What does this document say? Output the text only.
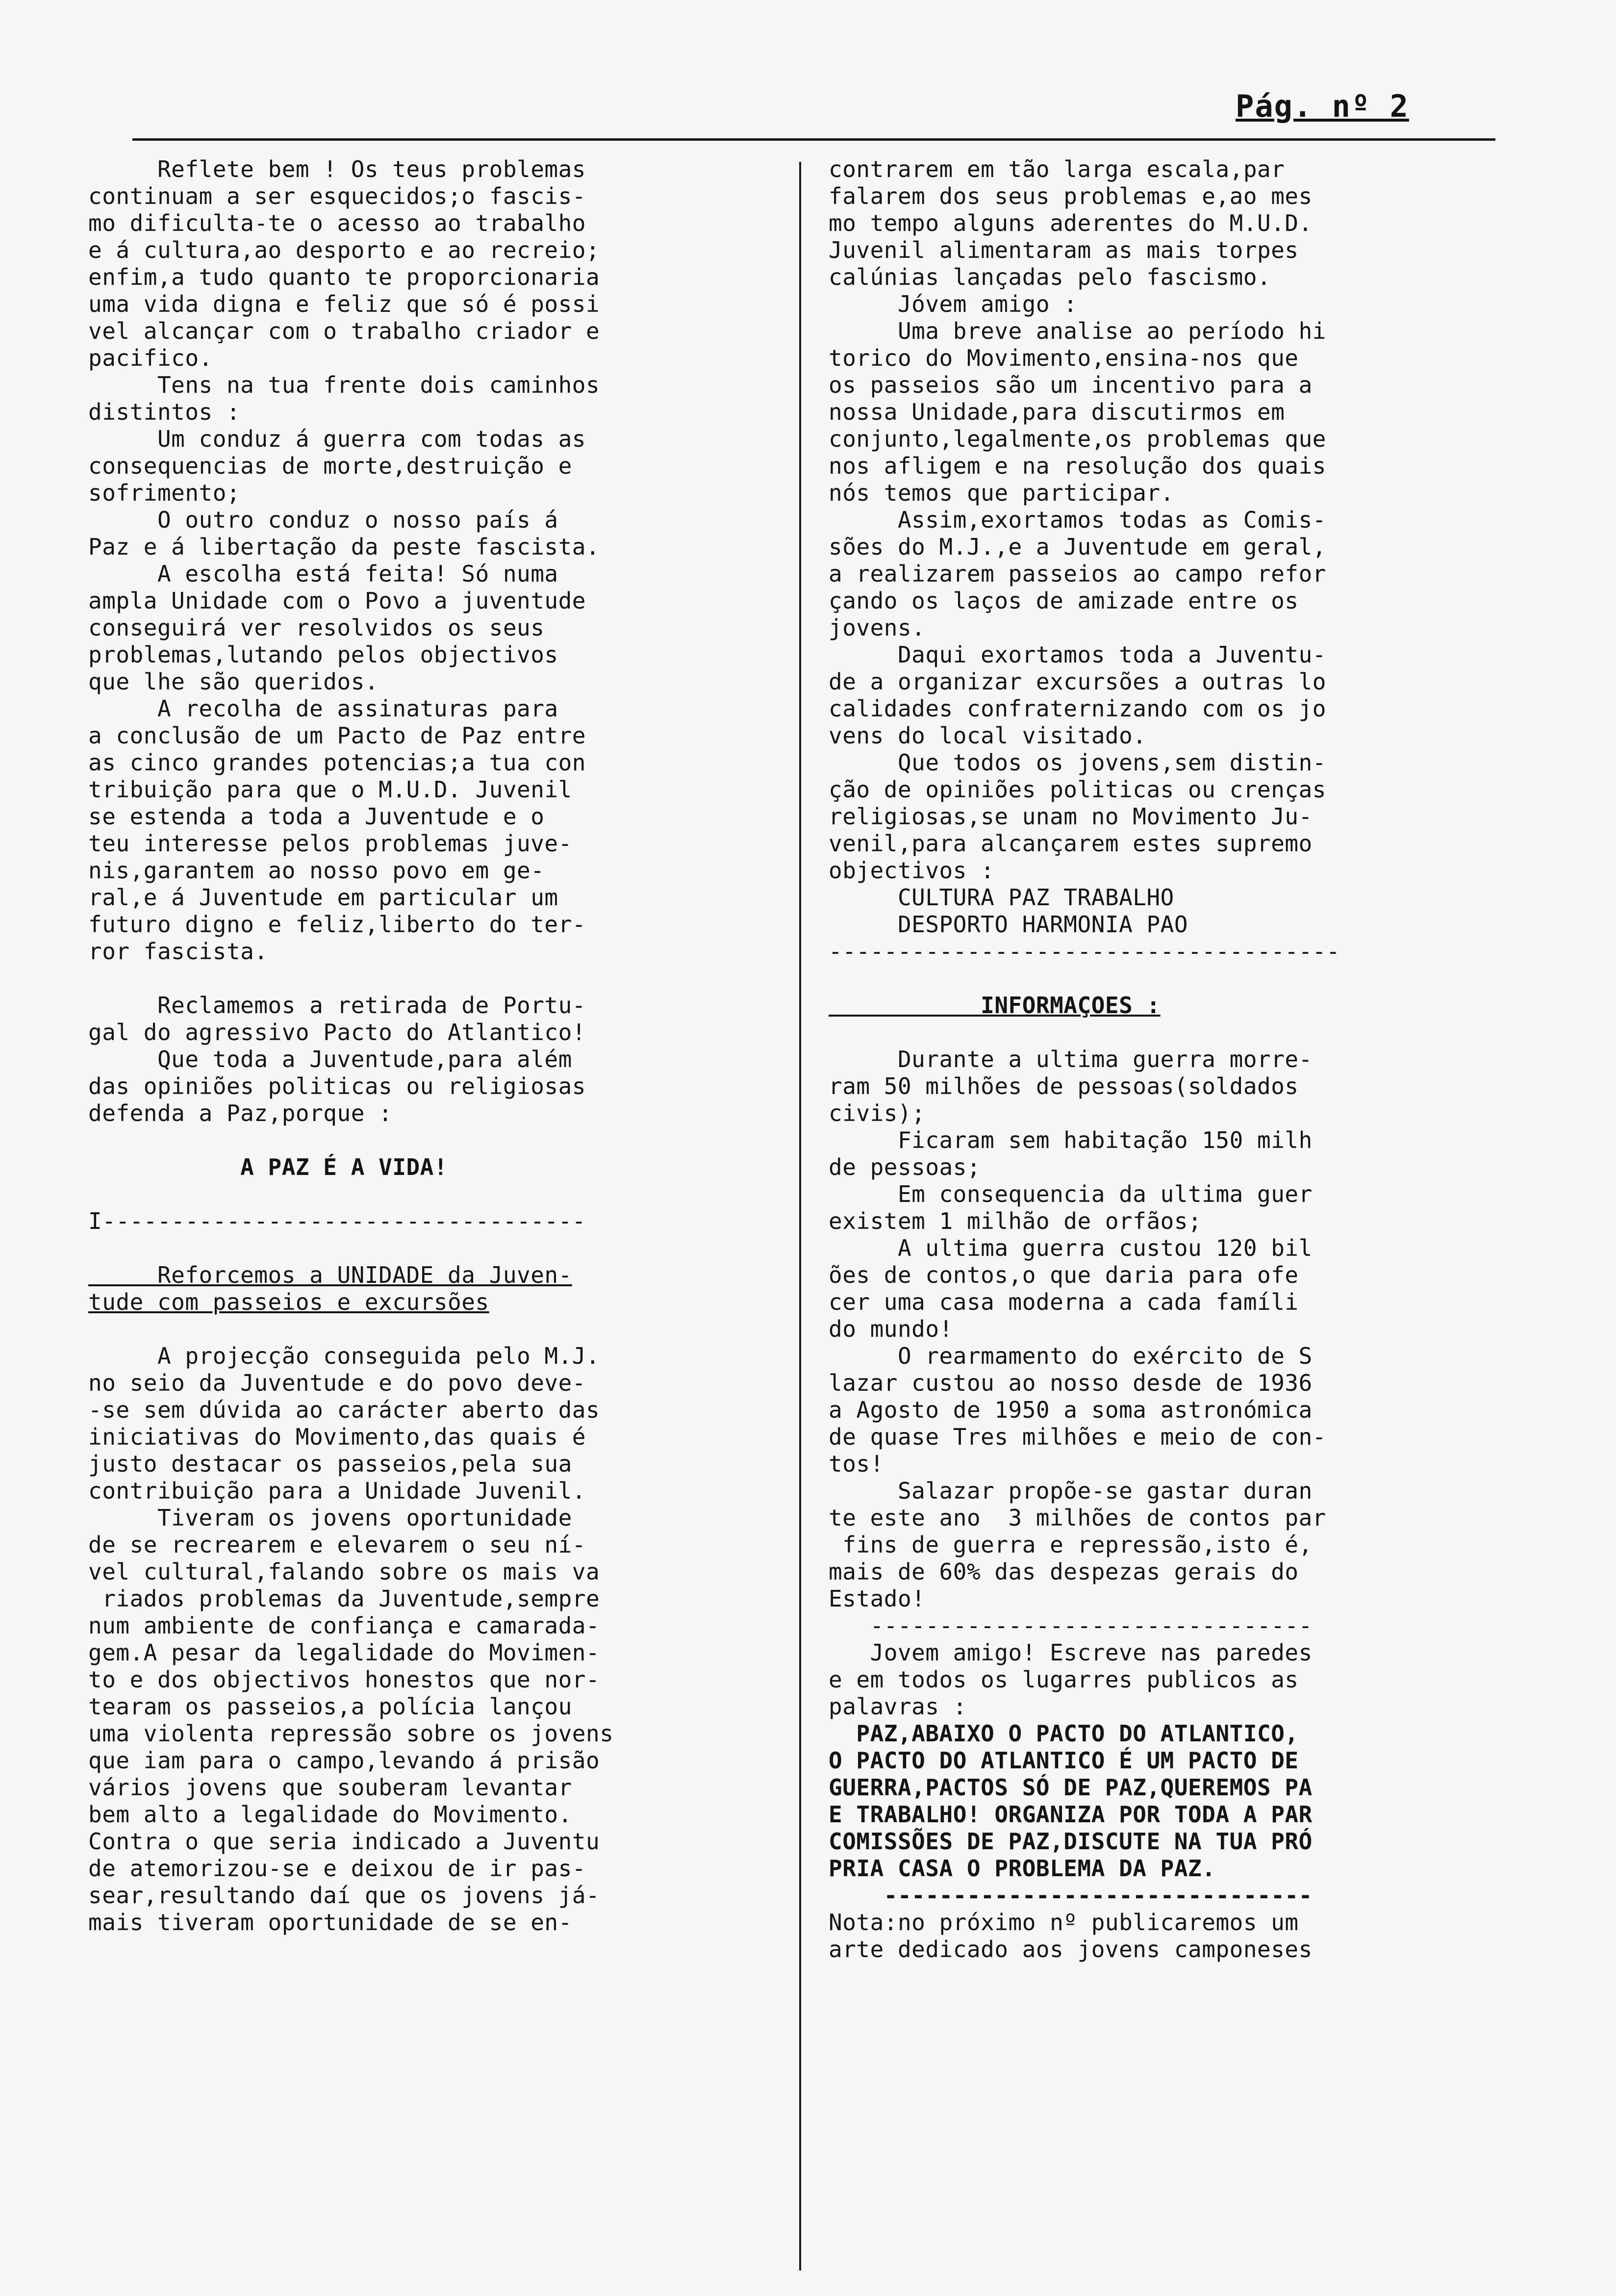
Pág. nº 2
Reflete bem ! Os teus problemas
continuam a ser esquecidos;o fascis-
mo dificulta-te o acesso ao trabalho
e á cultura,ao desporto e ao recreio;
enfim,a tudo quanto te proporcionaria
uma vida digna e feliz que só é possi
vel alcançar com o trabalho criador e
pacifico.
Tens na tua frente dois caminhos
distintos :
Um conduz á guerra com todas as
consequencias de morte,destruição e
sofrimento;
O outro conduz o nosso país á
Paz e á libertação da peste fascista.
A escolha está feita! Só numa
ampla Unidade com o Povo a juventude
conseguirá ver resolvidos os seus
problemas,lutando pelos objectivos
que lhe são queridos.
A recolha de assinaturas para
a conclusão de um Pacto de Paz entre
as cinco grandes potencias;a tua con
tribuição para que o M.U.D. Juvenil
se estenda a toda a Juventude e o
teu interesse pelos problemas juve-
nis,garantem ao nosso povo em ge-
ral,e á Juventude em particular um
futuro digno e feliz,liberto do ter-
ror fascista.
Reclamemos a retirada de Portu-
gal do agressivo Pacto do Atlantico!
Que toda a Juventude,para além
das opiniões politicas ou religiosas
defenda a Paz,porque :
A PAZ É A VIDA!
I-----------------------------------
Reforcemos a UNIDADE da Juven-
tude com passeios e excursões
A projecção conseguida pelo M.J.
no seio da Juventude e do povo deve-
-se sem dúvida ao carácter aberto das
iniciativas do Movimento,das quais é
justo destacar os passeios,pela sua
contribuição para a Unidade Juvenil.
Tiveram os jovens oportunidade
de se recrearem e elevarem o seu ní-
vel cultural,falando sobre os mais va
riados problemas da Juventude,sempre
num ambiente de confiança e camarada-
gem.A pesar da legalidade do Movimen-
to e dos objectivos honestos que nor-
tearam os passeios,a polícia lançou
uma violenta repressão sobre os jovens
que iam para o campo,levando á prisão
vários jovens que souberam levantar
bem alto a legalidade do Movimento.
Contra o que seria indicado a Juventu
de atemorizou-se e deixou de ir pas-
sear,resultando daí que os jovens já-
mais tiveram oportunidade de se en-
contrarem em tão larga escala,par
falarem dos seus problemas e,ao mes
mo tempo alguns aderentes do M.U.D.
Juvenil alimentaram as mais torpes
calúnias lançadas pelo fascismo.
Jóvem amigo :
Uma breve analise ao período hi
torico do Movimento,ensina-nos que
os passeios são um incentivo para a
nossa Unidade,para discutirmos em
conjunto,legalmente,os problemas que
nos afligem e na resolução dos quais
nós temos que participar.
Assim,exortamos todas as Comis-
sões do M.J.,e a Juventude em geral,
a realizarem passeios ao campo refor
çando os laços de amizade entre os
jovens.
Daqui exortamos toda a Juventu-
de a organizar excursões a outras lo
calidades confraternizando com os jo
vens do local visitado.
Que todos os jovens,sem distin-
ção de opiniões politicas ou crenças
religiosas,se unam no Movimento Ju-
venil,para alcançarem estes supremo
objectivos :
CULTURA PAZ TRABALHO
DESPORTO HARMONIA PAO
-------------------------------------
INFORMAÇOES :
Durante a ultima guerra morre-
ram 50 milhões de pessoas(soldados
civis);
Ficaram sem habitação 150 milh
de pessoas;
Em consequencia da ultima guer
existem 1 milhão de orfãos;
A ultima guerra custou 120 bil
ões de contos,o que daria para ofe
cer uma casa moderna a cada famíli
do mundo!
O rearmamento do exército de S
lazar custou ao nosso desde de 1936
a Agosto de 1950 a soma astronómica
de quase Tres milhões e meio de con-
tos!
Salazar propõe-se gastar duran
te este ano  3 milhões de contos par
fins de guerra e repressão,isto é,
mais de 60% das despezas gerais do
Estado!
--------------------------------
Jovem amigo! Escreve nas paredes
e em todos os lugarres publicos as
palavras :
PAZ,ABAIXO O PACTO DO ATLANTICO,
O PACTO DO ATLANTICO É UM PACTO DE
GUERRA,PACTOS SÓ DE PAZ,QUEREMOS PA
E TRABALHO! ORGANIZA POR TODA A PAR
COMISSÕES DE PAZ,DISCUTE NA TUA PRÓ
PRIA CASA O PROBLEMA DA PAZ.
-------------------------------
Nota:no próximo nº publicaremos um
arte dedicado aos jovens camponeses
